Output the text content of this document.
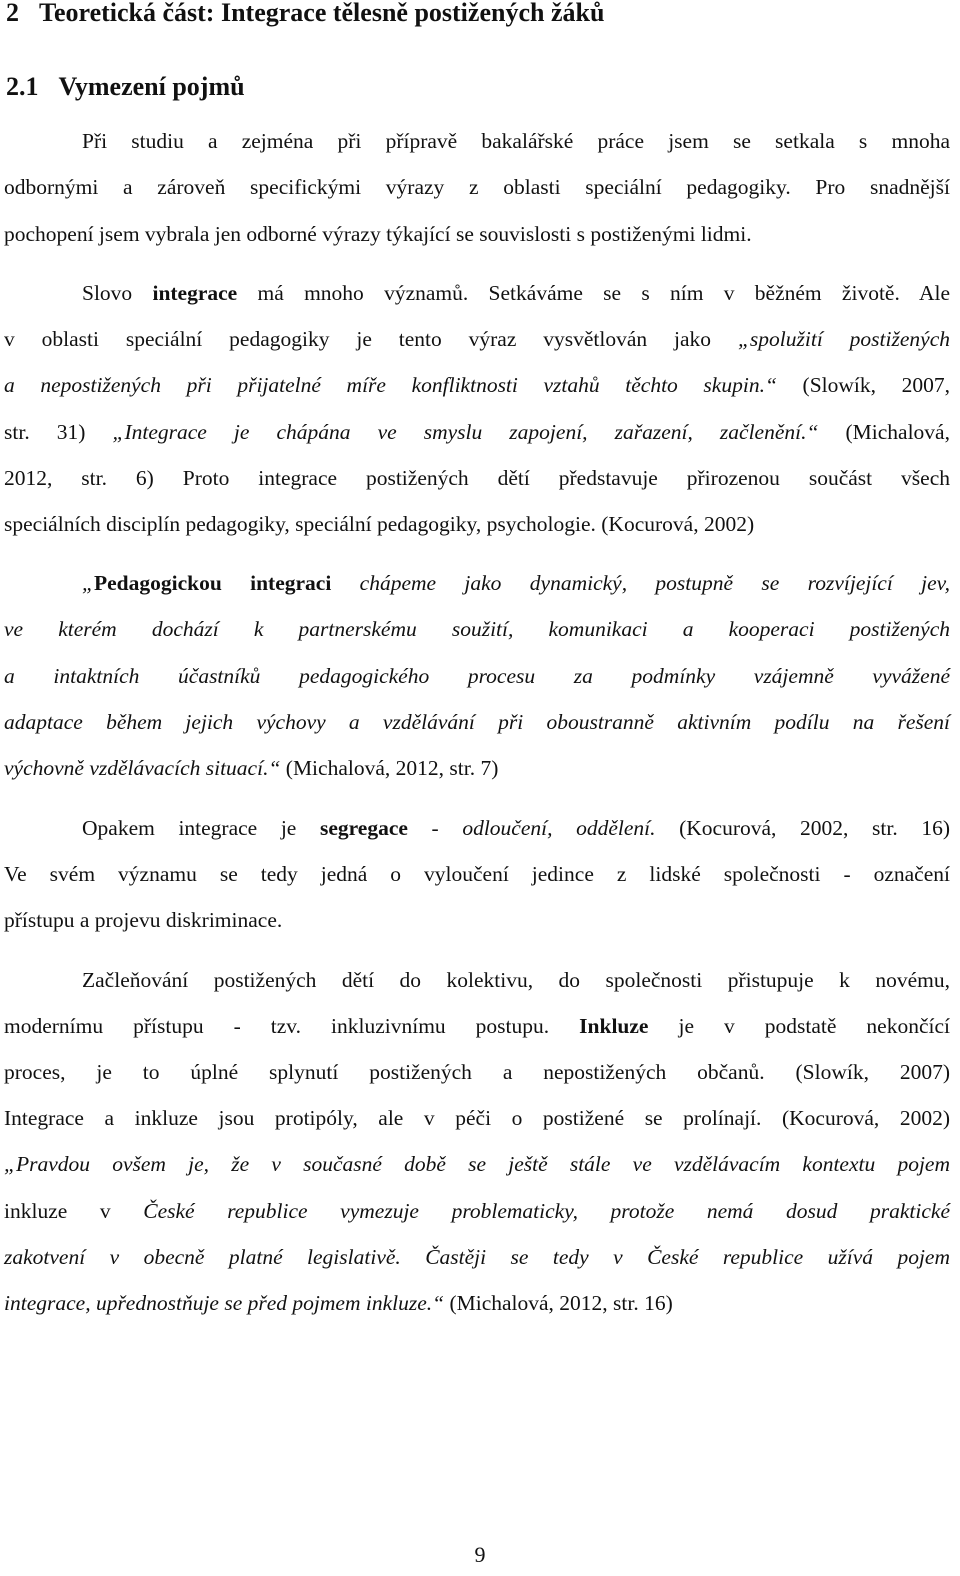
2 Teoretická část: Integrace tělesně postižených žáků
2.1 Vymezení pojmů
Při studiu a zejména při přípravě bakalářské práce jsem se setkala s mnoha
odbornými a zároveň specifickými výrazy z oblasti speciální pedagogiky. Pro snadnější
pochopení jsem vybrala jen odborné výrazy týkající se souvislosti s postiženými lidmi.
Slovo integrace má mnoho významů. Setkáváme se s ním v běžném životě. Ale
v oblasti speciální pedagogiky je tento výraz vysvětlován jako „spolužití postižených
a nepostižených při přijatelné míře konfliktnosti vztahů těchto skupin.“ (Slowík, 2007,
str. 31) „Integrace je chápána ve smyslu zapojení, zařazení, začlenění.“ (Michalová,
2012, str. 6) Proto integrace postižených dětí představuje přirozenou součást všech
speciálních disciplín pedagogiky, speciální pedagogiky, psychologie. (Kocurová, 2002)
„Pedagogickou integraci chápeme jako dynamický, postupně se rozvíjející jev,
ve kterém dochází k partnerskému soužití, komunikaci a kooperaci postižených
a intaktních účastníků pedagogického procesu za podmínky vzájemně vyvážené
adaptace během jejich výchovy a vzdělávání při oboustranně aktivním podílu na řešení
výchovně vzdělávacích situací.“ (Michalová, 2012, str. 7)
Opakem integrace je segregace - odloučení, oddělení. (Kocurová, 2002, str. 16)
Ve svém významu se tedy jedná o vyloučení jedince z lidské společnosti - označení
přístupu a projevu diskriminace.
Začleňování postižených dětí do kolektivu, do společnosti přistupuje k novému,
modernímu přístupu - tzv. inkluzivnímu postupu. Inkluze je v podstatě nekončící
proces, je to úplné splynutí postižených a nepostižených občanů. (Slowík, 2007)
Integrace a inkluze jsou protipóly, ale v péči o postižené se prolínají. (Kocurová, 2002)
„Pravdou ovšem je, že v současné době se ještě stále ve vzdělávacím kontextu pojem
inkluze v České republice vymezuje problematicky, protože nemá dosud praktické
zakotvení v obecně platné legislativě. Častěji se tedy v České republice užívá pojem
integrace, upřednostňuje se před pojmem inkluze.“ (Michalová, 2012, str. 16)
9
